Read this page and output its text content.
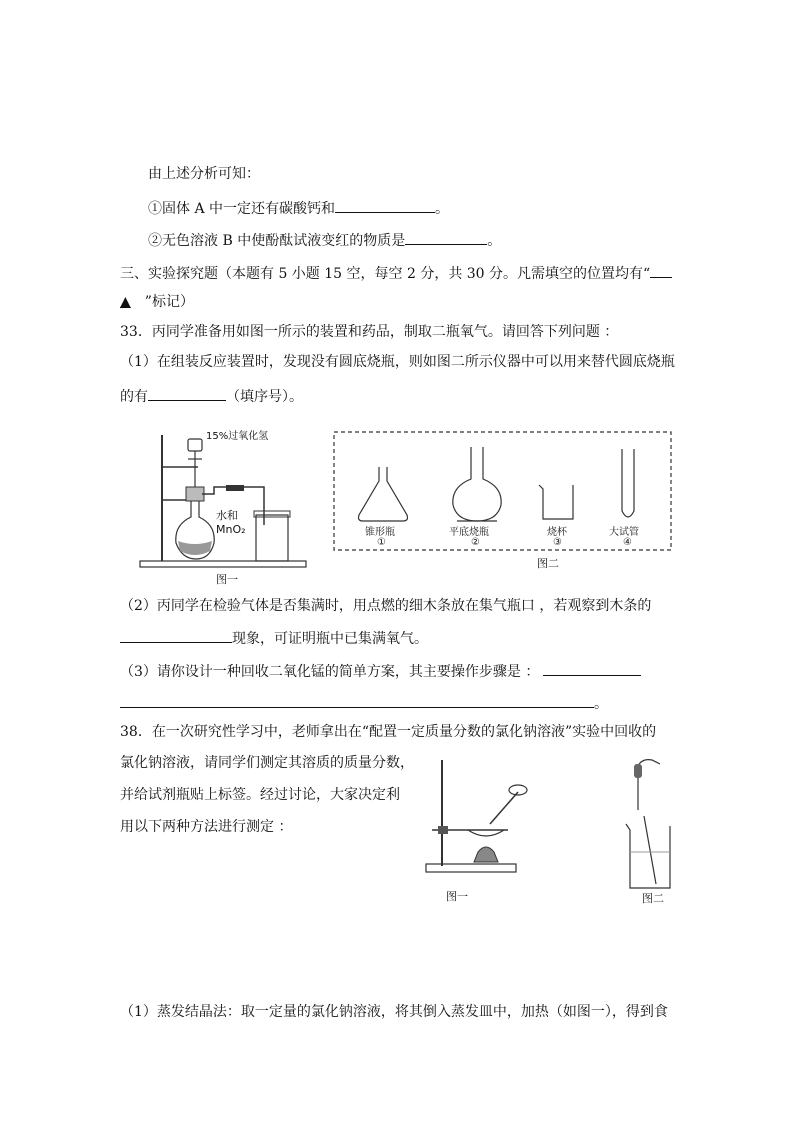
由上述分析可知：
①固体 A 中一定还有碳酸钙和	。
②无色溶液 B 中使酚酞试液变红的物质是	。
三、实验探究题（本题有 5 小题 15 空，每空 2 分，共 30 分。凡需填空的位置均有“
▲ ”标记）
33．丙同学准备用如图一所示的装置和药品，制取二瓶氧气。请回答下列问题 ：
（1）在组装反应装置时，发现没有圆底烧瓶，则如图二所示仪器中可以用来替代圆底烧瓶
的有	（填序号）。
15%过氧化氢
水和
MnO₂
图一
锥形瓶
①
平底烧瓶
②
烧杯
③
大试管
④
图二
（2）丙同学在检验气体是否集满时，用点燃的细木条放在集气瓶口 ，若观察到木条的
现象，可证明瓶中已集满氧气。
（3）请你设计一种回收二氧化锰的简单方案，其主要操作步骤是 ：
。
38．在一次研究性学习中，老师拿出在“配置一定质量分数的氯化钠溶液”实验中回收的
氯化钠溶液，请同学们测定其溶质的质量分数，
并给试剂瓶贴上标签。经过讨论，大家决定利
用以下两种方法进行测定 ：
图一	图二
（1）蒸发结晶法：取一定量的氯化钠溶液，将其倒入蒸发皿中，加热（如图一），得到食
